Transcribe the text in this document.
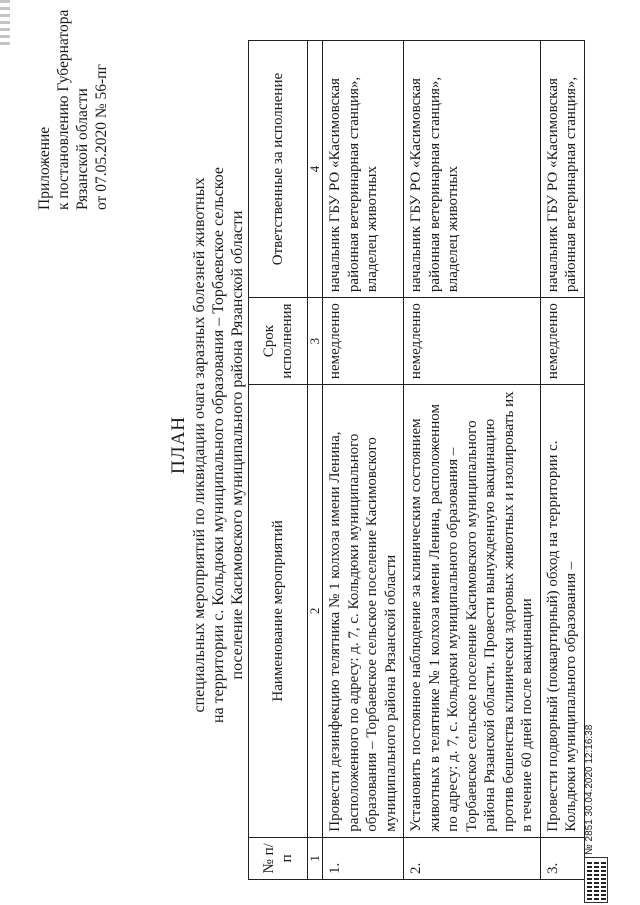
Приложение к постановлению Губернатора Рязанской области от 07.05.2020 № 56-пг
ПЛАН специальных мероприятий по ликвидации очага заразных болезней животных на территории с. Кольдюки муниципального образования – Торбаевское сельское поселение Касимовского муниципального района Рязанской области
№ п/п	Наименование мероприятий	Срок исполнения	Ответственные за исполнение
1	2	3	4
1.	Провести дезинфекцию телятника № 1 колхоза имени Ленина, расположенного по адресу: д. 7, с. Кольдюки муниципального образования – Торбаевское сельское поселение Касимовского муниципального района Рязанской области	немедленно	начальник ГБУ РО «Касимовская районная ветеринарная станция», владелец животных
2.	Установить постоянное наблюдение за клиническим состоянием животных в телятнике № 1 колхоза имени Ленина, расположенном по адресу: д. 7, с. Кольдюки муниципального образования – Торбаевское сельское поселение Касимовского муниципального района Рязанской области. Провести вынужденную вакцинацию против бешенства клинически здоровых животных и изолировать их в течение 60 дней после вакцинации	немедленно	начальник ГБУ РО «Касимовская районная ветеринарная станция», владелец животных
3.	Провести подворный (поквартирный) обход на территории с. Кольдюки муниципального образования –	немедленно	начальник ГБУ РО «Касимовская районная ветеринарная станция»,
№ 2851 30.04.2020 12:16:38
